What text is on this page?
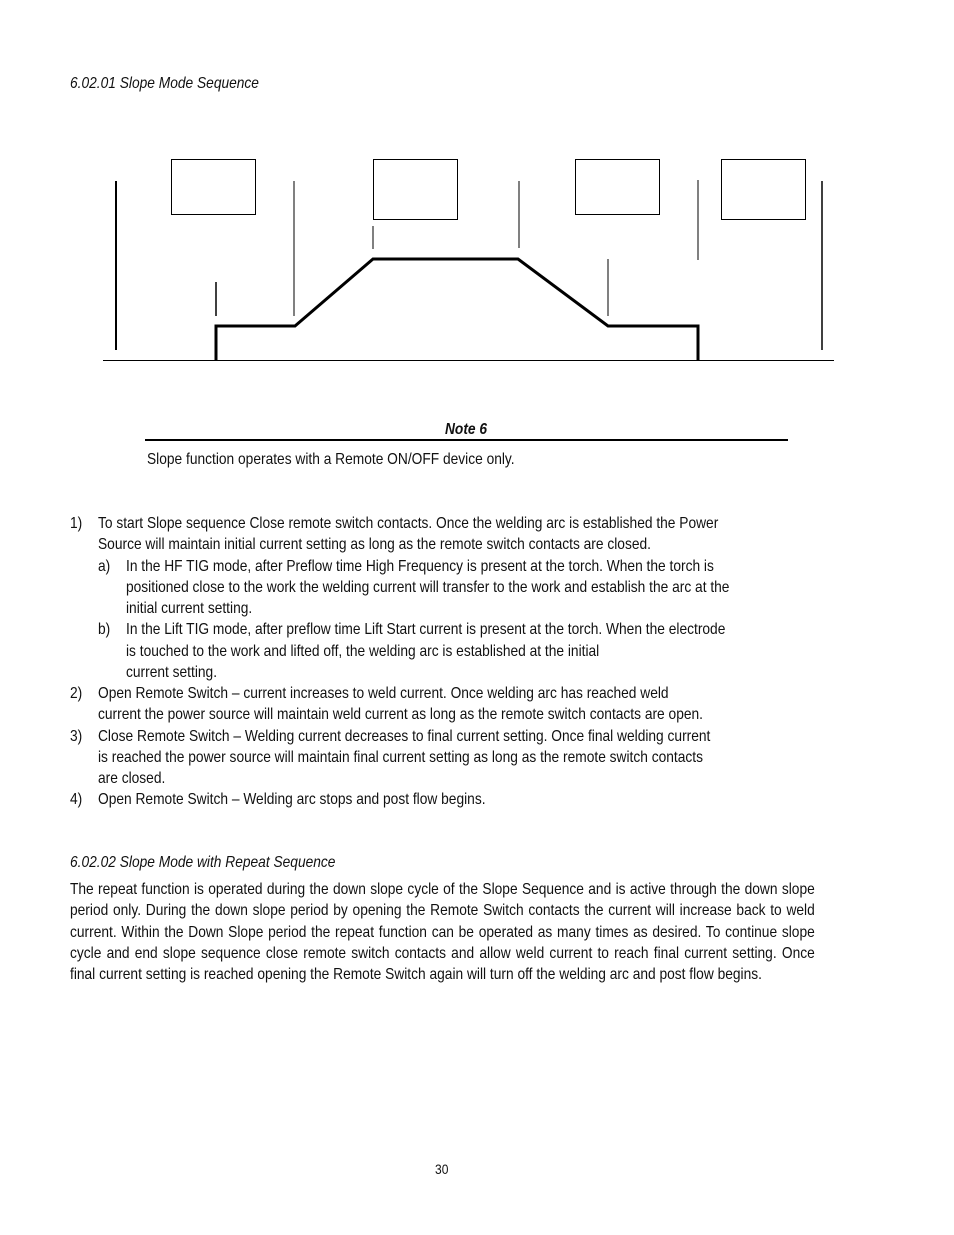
6.02.01 Slope Mode Sequence
Note 6
Slope function operates with a Remote ON/OFF device only.
1) To start Slope sequence Close remote switch contacts. Once the welding arc is established the Power
Source will maintain initial current setting as long as the remote switch contacts are closed.
a) In the HF TIG mode, after Preflow time High Frequency is present at the torch. When the torch is
positioned close to the work the welding current will transfer to the work and establish the arc at the
initial current setting.
b) In the Lift TIG mode, after preflow time Lift Start current is present at the torch. When the electrode
is touched to the work and lifted off, the welding arc is established at the initial
current setting.
2) Open Remote Switch – current increases to weld current. Once welding arc has reached weld
current the power source will maintain weld current as long as the remote switch contacts are open.
3) Close Remote Switch – Welding current decreases to final current setting. Once final welding current
is reached the power source will maintain final current setting as long as the remote switch contacts
are closed.
4) Open Remote Switch – Welding arc stops and post flow begins.
6.02.02 Slope Mode with Repeat Sequence
The repeat function is operated during the down slope cycle of the Slope Sequence and is active through the down slope period only. During the down slope period by opening the Remote Switch contacts the current will increase back to weld current. Within the Down Slope period the repeat function can be operated as many times as desired. To continue slope cycle and end slope sequence close remote switch contacts and allow weld current to reach final current setting. Once final current setting is reached opening the Remote Switch again will turn off the welding arc and post flow begins.
30
